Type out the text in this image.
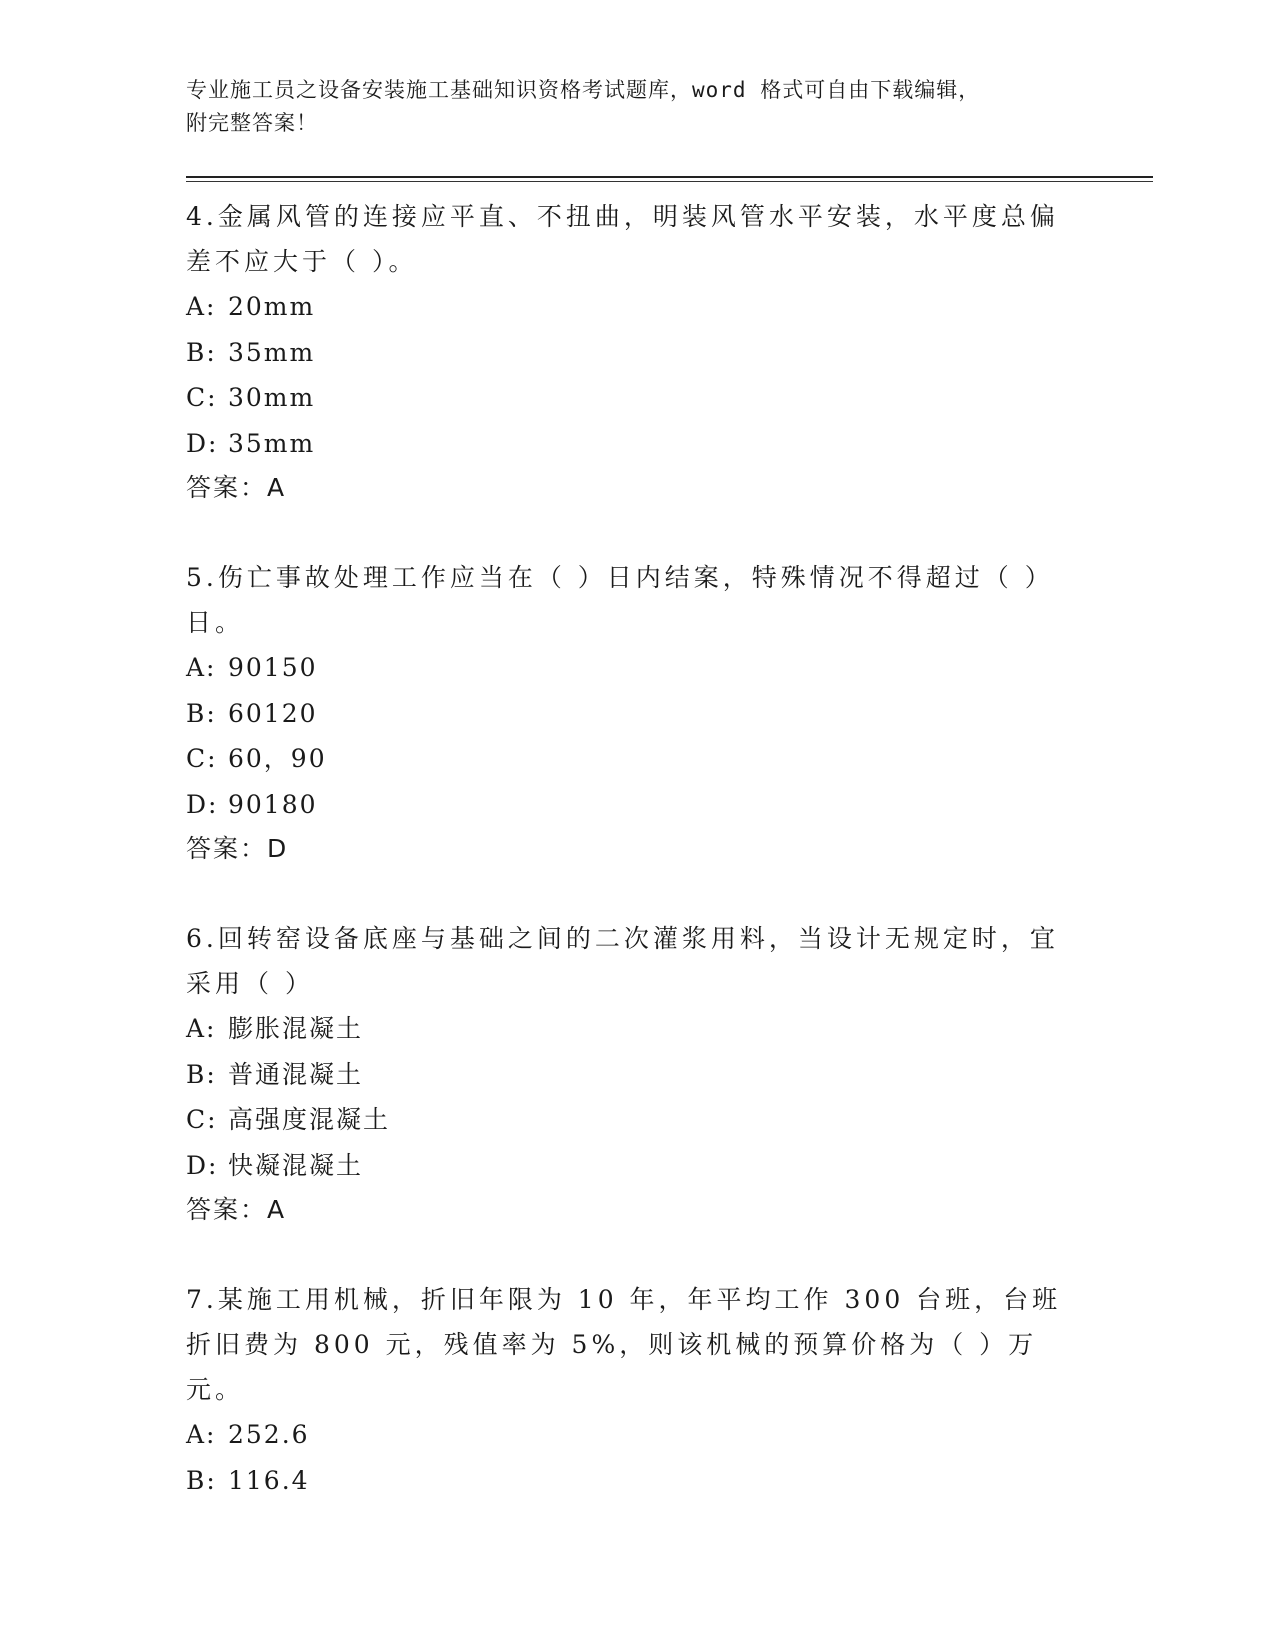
专业施工员之设备安装施工基础知识资格考试题库，word 格式可自由下载编辑，
附完整答案！

4.金属风管的连接应平直、不扭曲，明装风管水平安装，水平度总偏差不应大于（ ）。

A: 20mm
B: 35mm
C: 30mm
D: 35mm
答案：A

5.伤亡事故处理工作应当在（ ）日内结案，特殊情况不得超过（ ）日。

A: 90150
B: 60120
C: 60，90
D: 90180
答案：D

6.回转窑设备底座与基础之间的二次灌浆用料，当设计无规定时，宜采用（ ）

A: 膨胀混凝土
B: 普通混凝土
C: 高强度混凝土
D: 快凝混凝土
答案：A

7.某施工用机械，折旧年限为 10 年，年平均工作 300 台班，台班折旧费为 800 元，残值率为 5%，则该机械的预算价格为（ ）万元。

A: 252.6
B: 116.4
